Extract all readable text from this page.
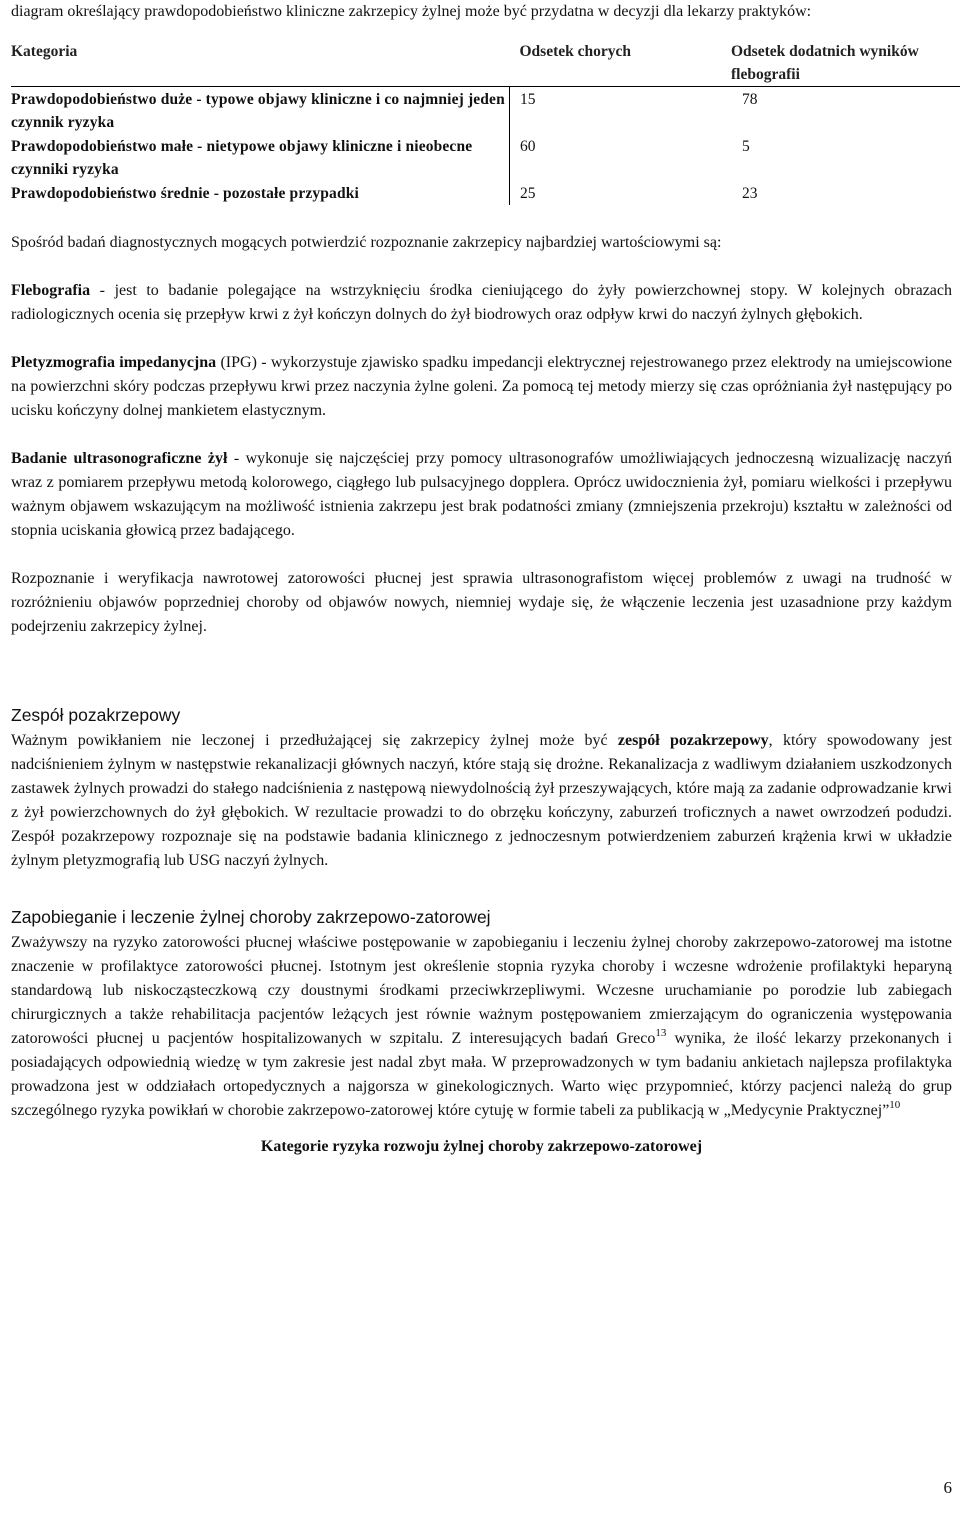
diagram określający prawdopodobieństwo kliniczne zakrzepicy żylnej może być przydatna w decyzji dla lekarzy praktyków:

Kategoria	Odsetek chorych	Odsetek dodatnich wyników flebografii
Prawdopodobieństwo duże - typowe objawy kliniczne i co najmniej jeden czynnik ryzyka	15	78
Prawdopodobieństwo małe - nietypowe objawy kliniczne i nieobecne czynniki ryzyka	60	5
Prawdopodobieństwo średnie - pozostałe przypadki	25	23

Spośród badań diagnostycznych mogących potwierdzić rozpoznanie zakrzepicy najbardziej wartościowymi są:

Flebografia - jest to badanie polegające na wstrzyknięciu środka cieniującego do żyły powierzchownej stopy. W kolejnych obrazach radiologicznych ocenia się przepływ krwi z żył kończyn dolnych do żył biodrowych oraz odpływ krwi do naczyń żylnych głębokich.

Pletyzmografia impedanycjna (IPG) - wykorzystuje zjawisko spadku impedancji elektrycznej rejestrowanego przez elektrody na umiejscowione na powierzchni skóry podczas przepływu krwi przez naczynia żylne goleni. Za pomocą tej metody mierzy się czas opróżniania żył następujący po ucisku kończyny dolnej mankietem elastycznym.

Badanie ultrasonograficzne żył - wykonuje się najczęściej przy pomocy ultrasonografów umożliwiających jednoczesną wizualizację naczyń wraz z pomiarem przepływu metodą kolorowego, ciągłego lub pulsacyjnego dopplera. Oprócz uwidocznienia żył, pomiaru wielkości i przepływu ważnym objawem wskazującym na możliwość istnienia zakrzepu jest brak podatności zmiany (zmniejszenia przekroju) kształtu w zależności od stopnia uciskania głowicą przez badającego.

Rozpoznanie i weryfikacja nawrotowej zatorowości płucnej jest sprawia ultrasonografistom więcej problemów z uwagi na trudność w rozróżnieniu objawów poprzedniej choroby od objawów nowych, niemniej wydaje się, że włączenie leczenia jest uzasadnione przy każdym podejrzeniu zakrzepicy żylnej.

Zespół pozakrzepowy

Ważnym powikłaniem nie leczonej i przedłużającej się zakrzepicy żylnej może być zespół pozakrzepowy, który spowodowany jest nadciśnieniem żylnym w następstwie rekanalizacji głównych naczyń, które stają się drożne. Rekanalizacja z wadliwym działaniem uszkodzonych zastawek żylnych prowadzi do stałego nadciśnienia z następową niewydolnością żył przeszywających, które mają za zadanie odprowadzanie krwi z żył powierzchownych do żył głębokich. W rezultacie prowadzi to do obrzęku kończyny, zaburzeń troficznych a nawet owrzodzeń podudzi. Zespół pozakrzepowy rozpoznaje się na podstawie badania klinicznego z jednoczesnym potwierdzeniem zaburzeń krążenia krwi w układzie żylnym pletyzmografią lub USG naczyń żylnych.

Zapobieganie i leczenie żylnej choroby zakrzepowo-zatorowej

Zważywszy na ryzyko zatorowości płucnej właściwe postępowanie w zapobieganiu i leczeniu żylnej choroby zakrzepowo-zatorowej ma istotne znaczenie w profilaktyce zatorowości płucnej. Istotnym jest określenie stopnia ryzyka choroby i wczesne wdrożenie profilaktyki heparyną standardową lub niskocząsteczkową czy doustnymi środkami przeciwkrzepliwymi. Wczesne uruchamianie po porodzie lub zabiegach chirurgicznych a także rehabilitacja pacjentów leżących jest równie ważnym postępowaniem zmierzającym do ograniczenia występowania zatorowości płucnej u pacjentów hospitalizowanych w szpitalu. Z interesujących badań Greco$^{13}$ wynika, że ilość lekarzy przekonanych i posiadających odpowiednią wiedzę w tym zakresie jest nadal zbyt mała. W przeprowadzonych w tym badaniu ankietach najlepsza profilaktyka prowadzona jest w oddziałach ortopedycznych a najgorsza w ginekologicznych. Warto więc przypomnieć, którzy pacjenci należą do grup szczególnego ryzyka powikłań w chorobie zakrzepowo-zatorowej które cytuję w formie tabeli za publikacją w „Medycynie Praktycznej”$^{10}$

Kategorie ryzyka rozwoju żylnej choroby zakrzepowo-zatorowej

6
